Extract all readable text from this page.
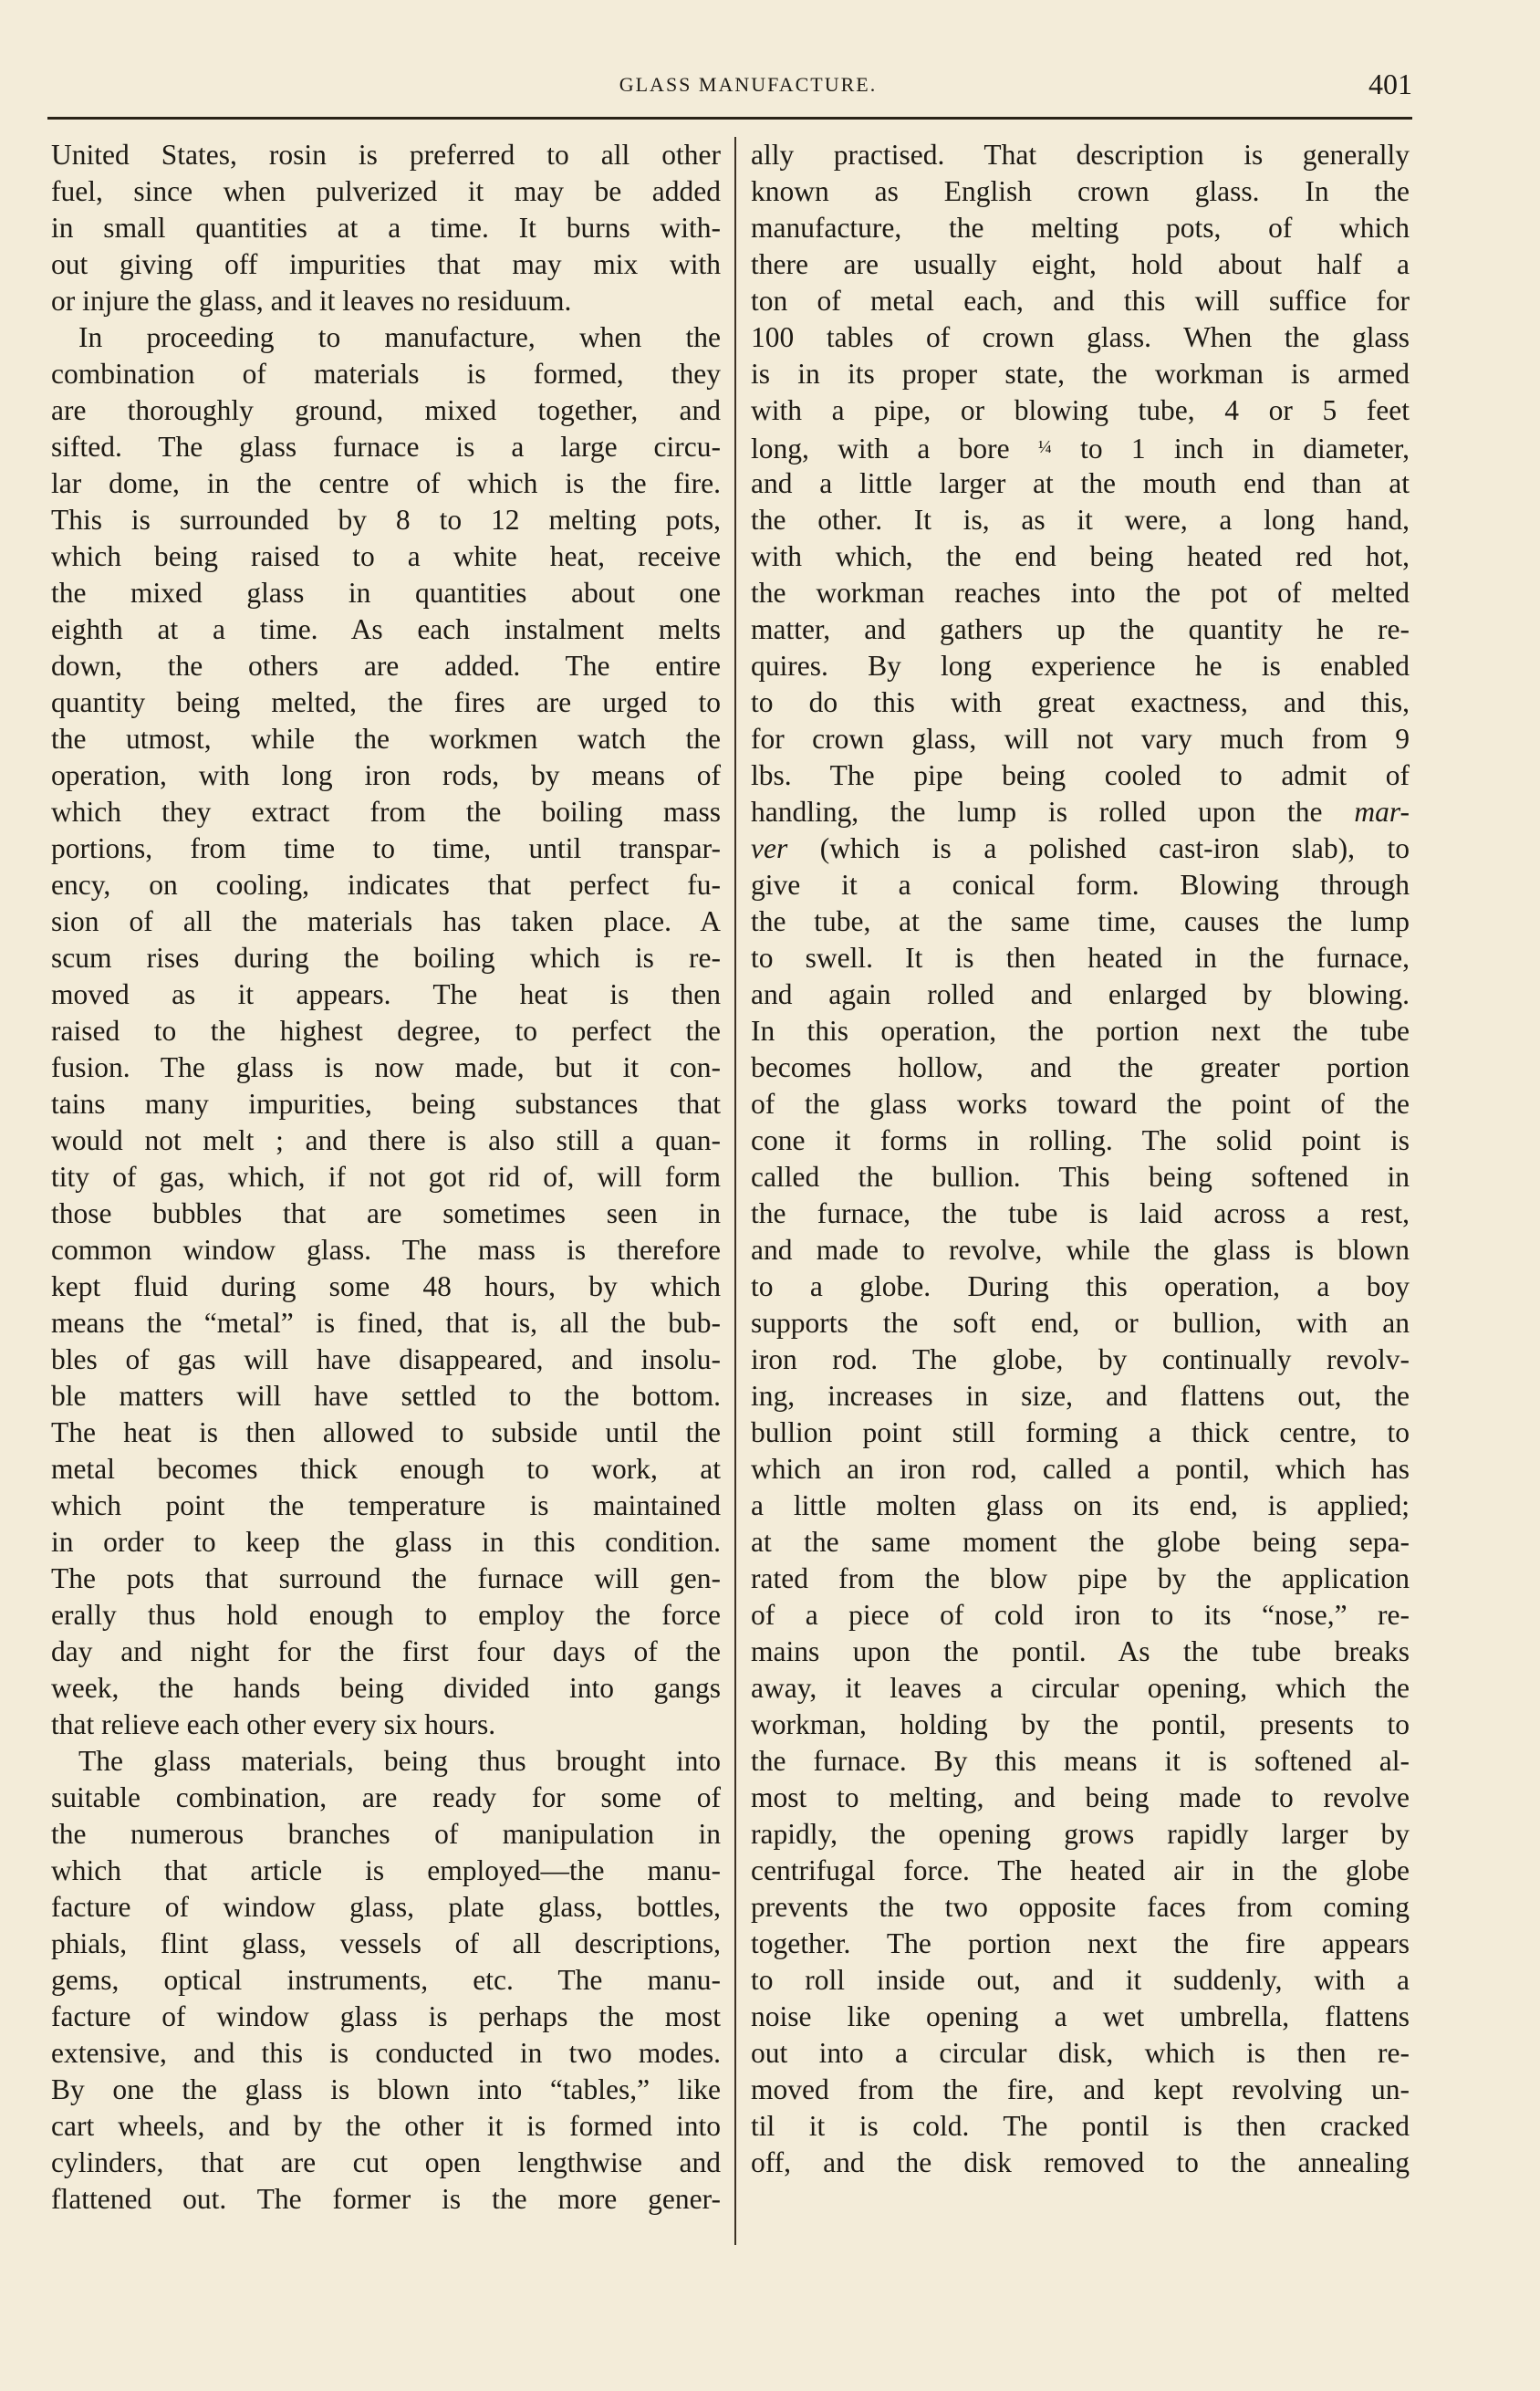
GLASS MANUFACTURE.	401
United States, rosin is preferred to all other
fuel, since when pulverized it may be added
in small quantities at a time. It burns with-
out giving off impurities that may mix with
or injure the glass, and it leaves no residuum.
In proceeding to manufacture, when the
combination of materials is formed, they
are thoroughly ground, mixed together, and
sifted. The glass furnace is a large circu-
lar dome, in the centre of which is the fire.
This is surrounded by 8 to 12 melting pots,
which being raised to a white heat, receive
the mixed glass in quantities about one
eighth at a time. As each instalment melts
down, the others are added. The entire
quantity being melted, the fires are urged to
the utmost, while the workmen watch the
operation, with long iron rods, by means of
which they extract from the boiling mass
portions, from time to time, until transpar-
ency, on cooling, indicates that perfect fu-
sion of all the materials has taken place. A
scum rises during the boiling which is re-
moved as it appears. The heat is then
raised to the highest degree, to perfect the
fusion. The glass is now made, but it con-
tains many impurities, being substances that
would not melt ; and there is also still a quan-
tity of gas, which, if not got rid of, will form
those bubbles that are sometimes seen in
common window glass. The mass is therefore
kept fluid during some 48 hours, by which
means the “metal” is fined, that is, all the bub-
bles of gas will have disappeared, and insolu-
ble matters will have settled to the bottom.
The heat is then allowed to subside until the
metal becomes thick enough to work, at
which point the temperature is maintained
in order to keep the glass in this condition.
The pots that surround the furnace will gen-
erally thus hold enough to employ the force
day and night for the first four days of the
week, the hands being divided into gangs
that relieve each other every six hours.
The glass materials, being thus brought into
suitable combination, are ready for some of
the numerous branches of manipulation in
which that article is employed—the manu-
facture of window glass, plate glass, bottles,
phials, flint glass, vessels of all descriptions,
gems, optical instruments, etc. The manu-
facture of window glass is perhaps the most
extensive, and this is conducted in two modes.
By one the glass is blown into “tables,” like
cart wheels, and by the other it is formed into
cylinders, that are cut open lengthwise and
flattened out. The former is the more gener-
ally practised. That description is generally
known as English crown glass. In the
manufacture, the melting pots, of which
there are usually eight, hold about half a
ton of metal each, and this will suffice for
100 tables of crown glass. When the glass
is in its proper state, the workman is armed
with a pipe, or blowing tube, 4 or 5 feet
long, with a bore ¼ to 1 inch in diameter,
and a little larger at the mouth end than at
the other. It is, as it were, a long hand,
with which, the end being heated red hot,
the workman reaches into the pot of melted
matter, and gathers up the quantity he re-
quires. By long experience he is enabled
to do this with great exactness, and this,
for crown glass, will not vary much from 9
lbs. The pipe being cooled to admit of
handling, the lump is rolled upon the mar-
ver (which is a polished cast-iron slab), to
give it a conical form. Blowing through
the tube, at the same time, causes the lump
to swell. It is then heated in the furnace,
and again rolled and enlarged by blowing.
In this operation, the portion next the tube
becomes hollow, and the greater portion
of the glass works toward the point of the
cone it forms in rolling. The solid point is
called the bullion. This being softened in
the furnace, the tube is laid across a rest,
and made to revolve, while the glass is blown
to a globe. During this operation, a boy
supports the soft end, or bullion, with an
iron rod. The globe, by continually revolv-
ing, increases in size, and flattens out, the
bullion point still forming a thick centre, to
which an iron rod, called a pontil, which has
a little molten glass on its end, is applied;
at the same moment the globe being sepa-
rated from the blow pipe by the application
of a piece of cold iron to its “nose,” re-
mains upon the pontil. As the tube breaks
away, it leaves a circular opening, which the
workman, holding by the pontil, presents to
the furnace. By this means it is softened al-
most to melting, and being made to revolve
rapidly, the opening grows rapidly larger by
centrifugal force. The heated air in the globe
prevents the two opposite faces from coming
together. The portion next the fire appears
to roll inside out, and it suddenly, with a
noise like opening a wet umbrella, flattens
out into a circular disk, which is then re-
moved from the fire, and kept revolving un-
til it is cold. The pontil is then cracked
off, and the disk removed to the annealing
